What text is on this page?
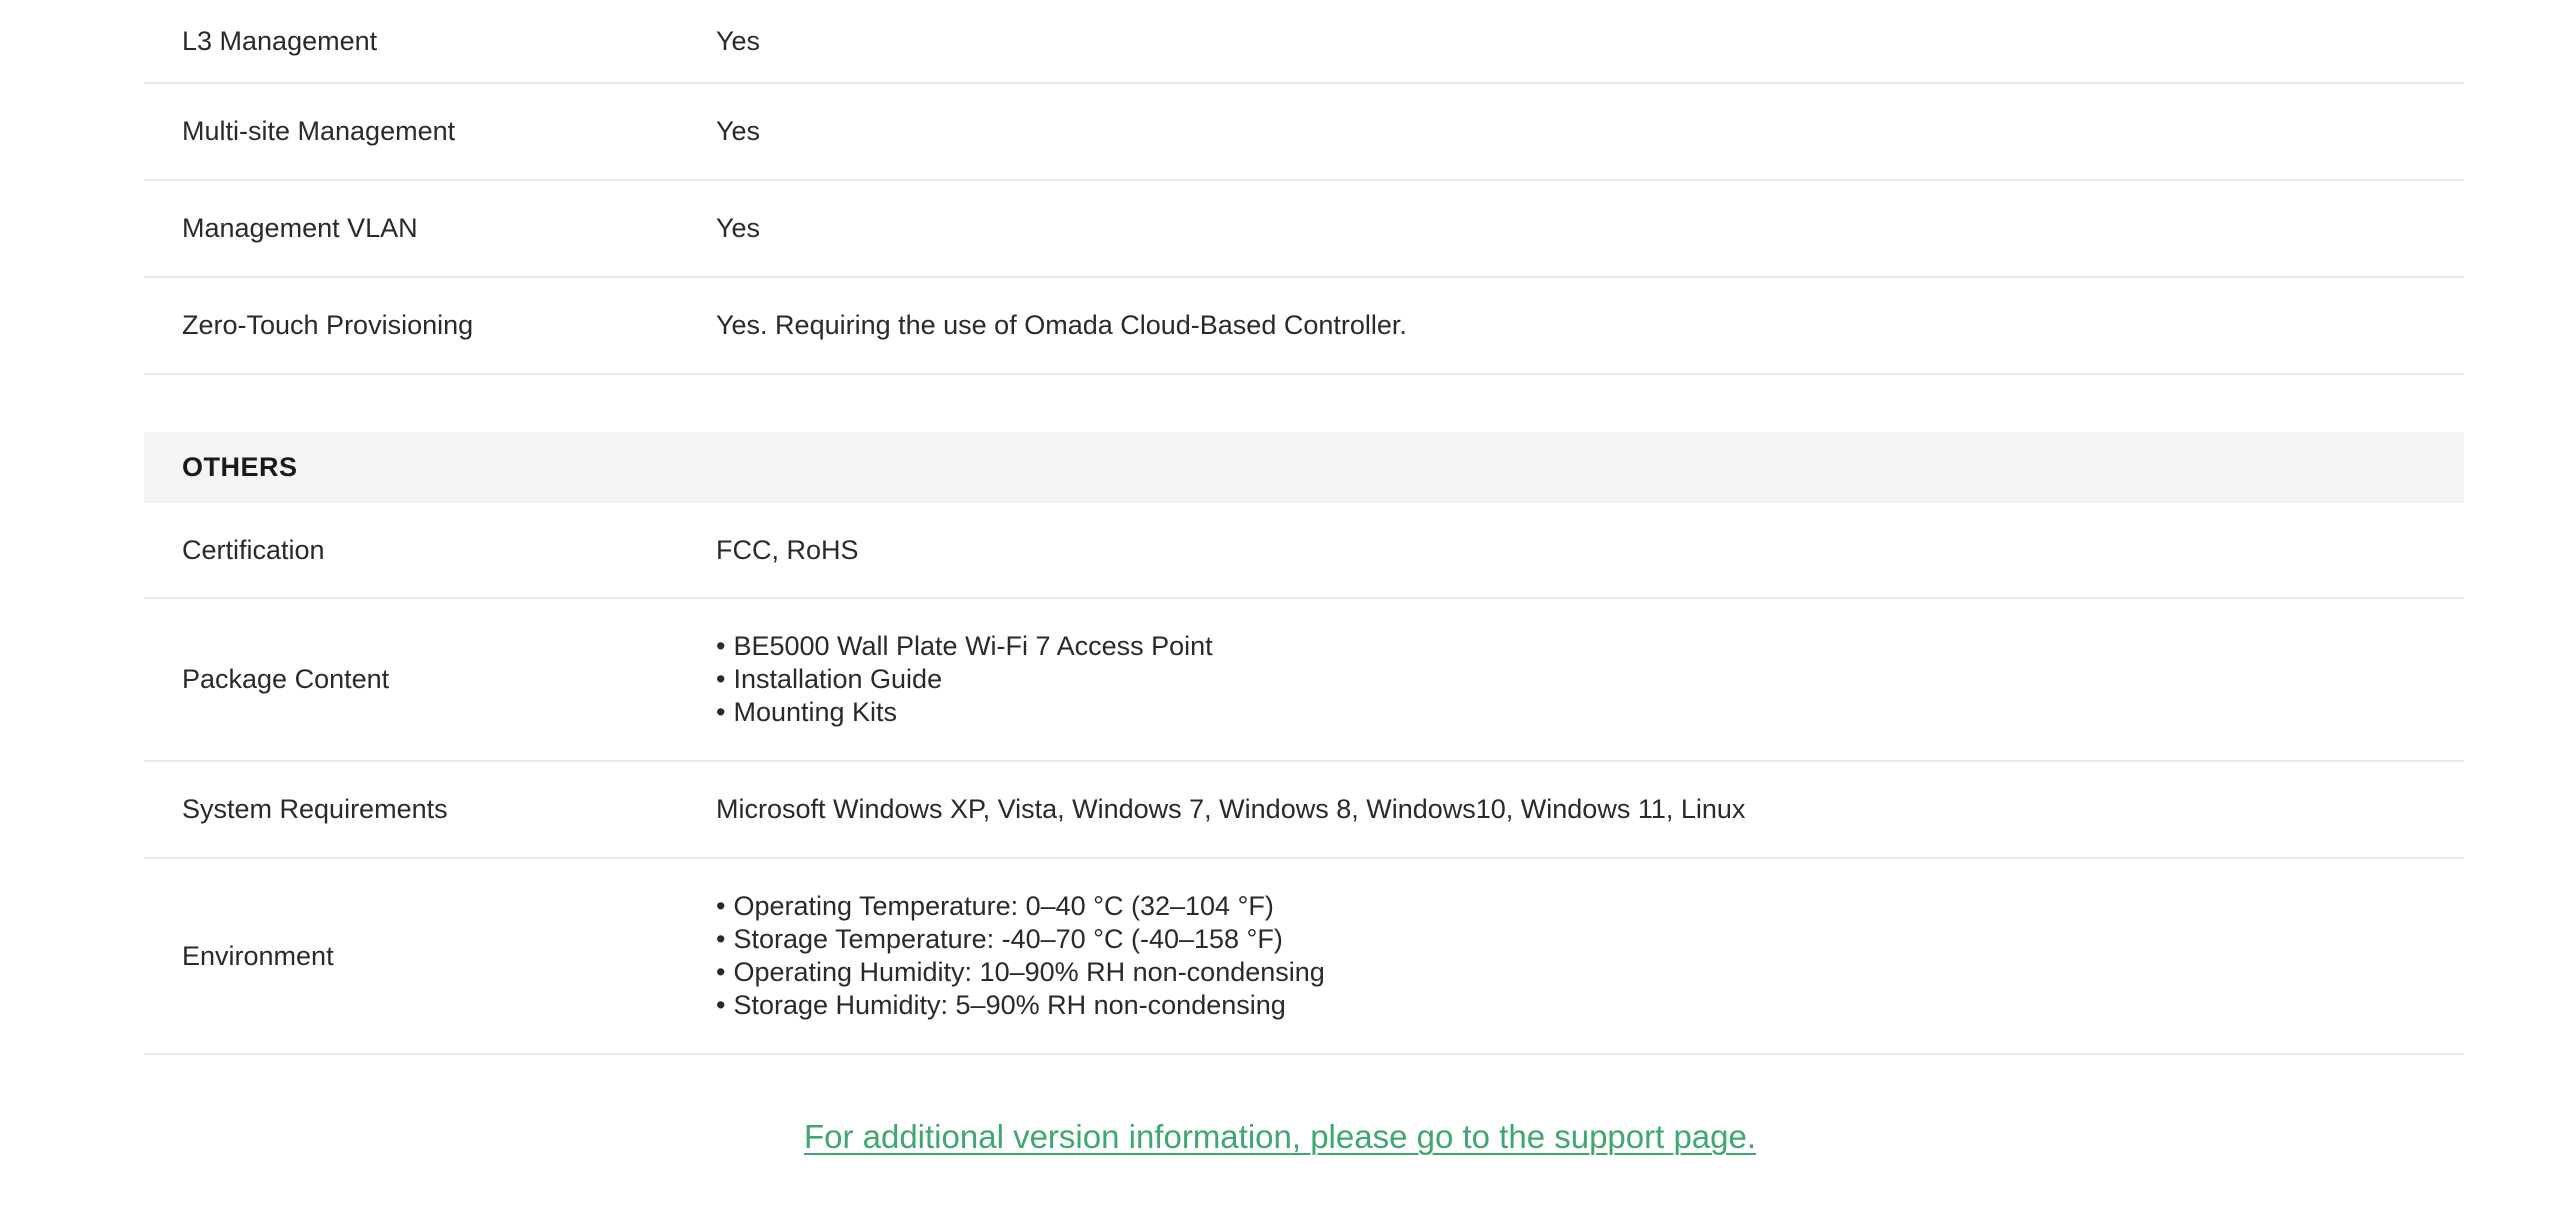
L3 Management	Yes
Multi-site Management	Yes
Management VLAN	Yes
Zero-Touch Provisioning	Yes. Requiring the use of Omada Cloud-Based Controller.
OTHERS
Certification	FCC, RoHS
Package Content
• BE5000 Wall Plate Wi-Fi 7 Access Point
• Installation Guide
• Mounting Kits
System Requirements	Microsoft Windows XP, Vista, Windows 7, Windows 8, Windows10, Windows 11, Linux
Environment
• Operating Temperature: 0–40 °C (32–104 °F)
• Storage Temperature: -40–70 °C (-40–158 °F)
• Operating Humidity: 10–90% RH non-condensing
• Storage Humidity: 5–90% RH non-condensing
For additional version information, please go to the support page.
